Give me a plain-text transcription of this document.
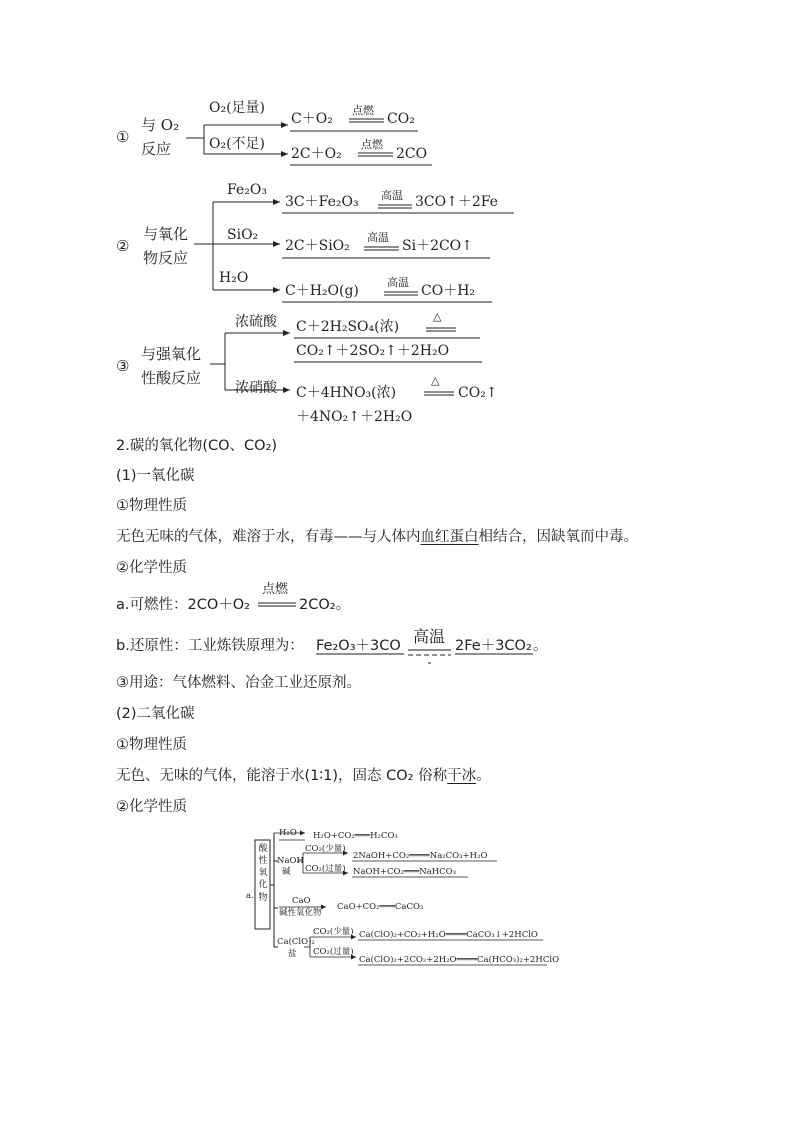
①
与 O₂
反应
O₂(足量)
C＋O₂
点燃
CO₂
O₂(不足)
2C＋O₂
点燃
2CO
②
与氧化
物反应
Fe₂O₃
3C＋Fe₂O₃ 高温 3CO↑＋2Fe
SiO₂
2C＋SiO₂
高温
Si＋2CO↑
H₂O
C＋H₂O(g)
高温
CO＋H₂
③
与强氧化
性酸反应
浓硫酸 C＋2H₂SO₄(浓)
△
CO₂↑＋2SO₂↑＋2H₂O
浓硝酸 C＋4HNO₃(浓)
△
CO₂↑
＋4NO₂↑＋2H₂O
2.碳的氧化物(CO、CO₂)
(1)一氧化碳
①物理性质
无色无味的气体，难溶于水，有毒——与人体内血红蛋白相结合，因缺氧而中毒。
②化学性质
a.可燃性：2CO＋O₂
点燃
2CO₂。
b.还原性：工业炼铁原理为： Fe₂O₃＋3CO 高温 2Fe＋3CO₂ 。
③用途：气体燃料、冶金工业还原剂。
(2)二氧化碳
①物理性质
无色、无味的气体，能溶于水(1∶1)，固态 CO₂ 俗称干冰。
②化学性质
a.
酸性氧化物
H₂O H₂O+CO₂═══H₂CO₃
NaOH
碱
CO₂(少量)
2NaOH+CO₂════Na₂CO₃+H₂O
CO₂(过量) NaOH+CO₂═══NaHCO₃
CaO
碱性氧化物
CaO+CO₂═══CaCO₃
Ca(ClO)₂
盐
CO₂(少量) Ca(ClO)₂+CO₂+H₂O════CaCO₃↓+2HClO
CO₂(过量)
Ca(ClO)₂+2CO₂+2H₂O════Ca(HCO₃)₂+2HClO
